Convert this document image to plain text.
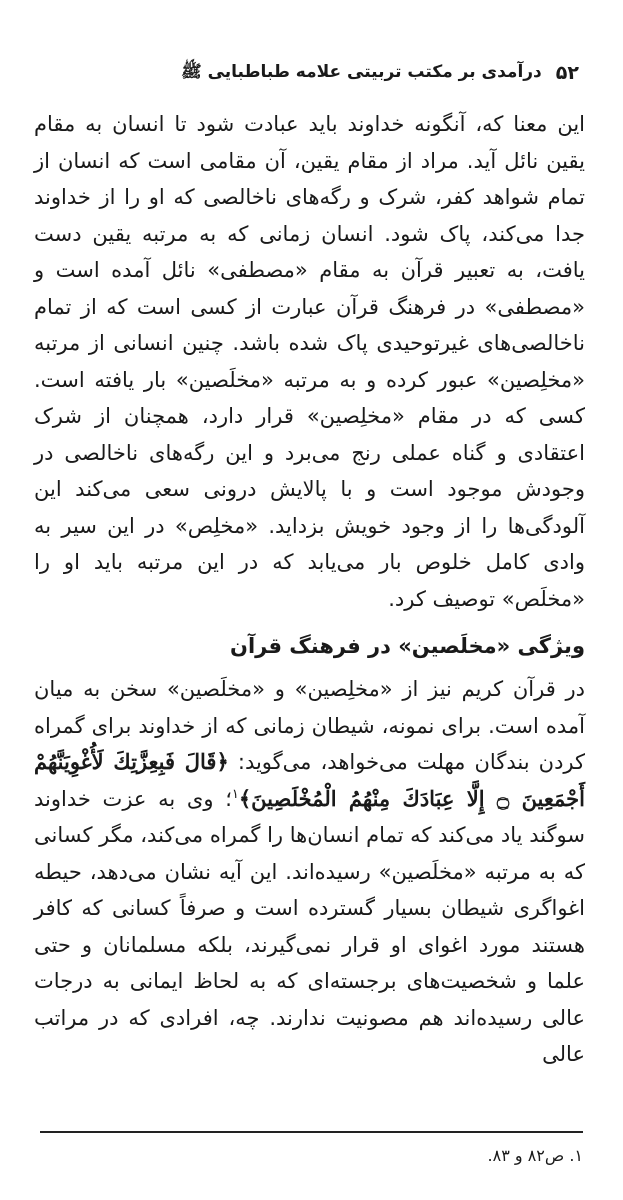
۵۲
درآمدی بر مکتب تربیتی علامه طباطبایی ﷺ

این معنا که، آنگونه خداوند باید عبادت شود تا انسان به مقام یقین نائل آید. مراد از مقام یقین، آن مقامی است که انسان از تمام شواهد کفر، شرک و رگه‌های ناخالصی که او را از خداوند جدا می‌کند، پاک شود. انسان زمانی که به مرتبه یقین دست یافت، به تعبیر قرآن به مقام «مصطفی» نائل آمده است و «مصطفی» در فرهنگ قرآن عبارت از کسی است که از تمام ناخالصی‌های غیرتوحیدی پاک شده باشد. چنین انسانی از مرتبه «مخلِصین» عبور کرده و به مرتبه «مخلَصین» بار یافته است. کسی که در مقام «مخلِصین» قرار دارد، همچنان از شرک اعتقادی و گناه عملی رنج می‌برد و این رگه‌های ناخالصی در وجودش موجود است و با پالایش درونی سعی می‌کند این آلودگی‌ها را از وجود خویش بزداید. «مخلِص» در این سیر به وادی کامل خلوص بار می‌یابد که در این مرتبه باید او را «مخلَص» توصیف کرد.

ویژگی «مخلَصین» در فرهنگ قرآن

در قرآن کریم نیز از «مخلِصین» و «مخلَصین» سخن به میان آمده است. برای نمونه، شیطان زمانی که از خداوند برای گمراه کردن بندگان مهلت می‌خواهد، می‌گوید: ﴿قَالَ فَبِعِزَّتِكَ لَأُغْوِيَنَّهُمْ أَجْمَعِينَ ۝ إِلَّا عِبَادَكَ مِنْهُمُ الْمُخْلَصِينَ﴾$^۱$؛ وی به عزت خداوند سوگند یاد می‌کند که تمام انسان‌ها را گمراه می‌کند، مگر کسانی که به مرتبه «مخلَصین» رسیده‌اند. این آیه نشان می‌دهد، حیطه اغواگری شیطان بسیار گسترده است و صرفاً کسانی که کافر هستند مورد اغوای او قرار نمی‌گیرند، بلکه مسلمانان و حتی علما و شخصیت‌های برجسته‌ای که به لحاظ ایمانی به درجات عالی رسیده‌اند هم مصونیت ندارند. چه، افرادی که در مراتب عالی

۱. ص۸۲ و ۸۳.
